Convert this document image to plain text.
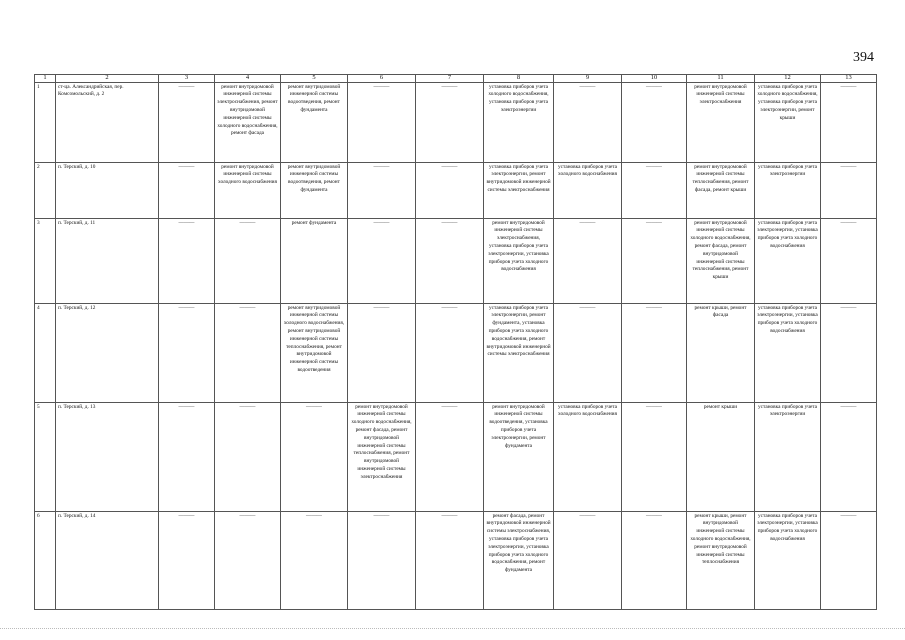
394
1	2	3	4	5	6	7	8	9	10	11	12	13
1	ст-ца. Александрийская, пер. Комсомольский, д. 2	———	ремонт внутридомовой инженерной системы электроснабжения, ремонт внутридомовой инженерной системы холодного водоснабжения, ремонт фасада	ремонт внутридомовой инженерной системы водоотведения, ремонт фундамента	———	———	установка приборов учета холодного водоснабжения, установка приборов учета электроэнергии	———	———	ремонт внутридомовой инженерной системы электроснабжения	установка приборов учета холодного водоснабжения, установка приборов учета электроэнергии, ремонт крыши	———
2	п. Терский, д. 10	———	ремонт внутридомовой инженерной системы холодного водоснабжения	ремонт внутридомовой инженерной системы водоотведения, ремонт фундамента	———	———	установка приборов учета электроэнергии, ремонт внутридомовой инженерной системы электроснабжения	установка приборов учета холодного водоснабжения	———	ремонт внутридомовой инженерной системы теплоснабжения, ремонт фасада, ремонт крыши	установка приборов учета электроэнергии	———
3	п. Терский, д. 11	———	———	ремонт фундамента	———	———	ремонт внутридомовой инженерной системы электроснабжения, установка приборов учета электроэнергии, установка приборов учета холодного водоснабжения	———	———	ремонт внутридомовой инженерной системы холодного водоснабжения, ремонт фасада, ремонт внутридомовой инженерной системы теплоснабжения, ремонт крыши	установка приборов учета электроэнергии, установка приборов учета холодного водоснабжения	———
4	п. Терский, д. 12	———	———	ремонт внутридомовой инженерной системы холодного водоснабжения, ремонт внутридомовой инженерной системы теплоснабжения, ремонт внутридомовой инженерной системы водоотведения	———	———	установка приборов учета электроэнергии, ремонт фундамента, установка приборов учета холодного водоснабжения, ремонт внутридомовой инженерной системы электроснабжения	———	———	ремонт крыши, ремонт фасада	установка приборов учета электроэнергии, установка приборов учета холодного водоснабжения	———
5	п. Терский, д. 13	———	———	———	ремонт внутридомовой инженерной системы холодного водоснабжения, ремонт фасада, ремонт внутридомовой инженерной системы теплоснабжения, ремонт внутридомовой инженерной системы электроснабжения	———	ремонт внутридомовой инженерной системы водоотведения, установка приборов учета электроэнергии, ремонт фундамента	установка приборов учета холодного водоснабжения	———	ремонт крыши	установка приборов учета электроэнергии	———
6	п. Терский, д. 14	———	———	———	———	———	ремонт фасада, ремонт внутридомовой инженерной системы электроснабжения, установка приборов учета электроэнергии, установка приборов учета холодного водоснабжения, ремонт фундамента	———	———	ремонт крыши, ремонт внутридомовой инженерной системы холодного водоснабжения, ремонт внутридомовой инженерной системы теплоснабжения	установка приборов учета электроэнергии, установка приборов учета холодного водоснабжения	———
